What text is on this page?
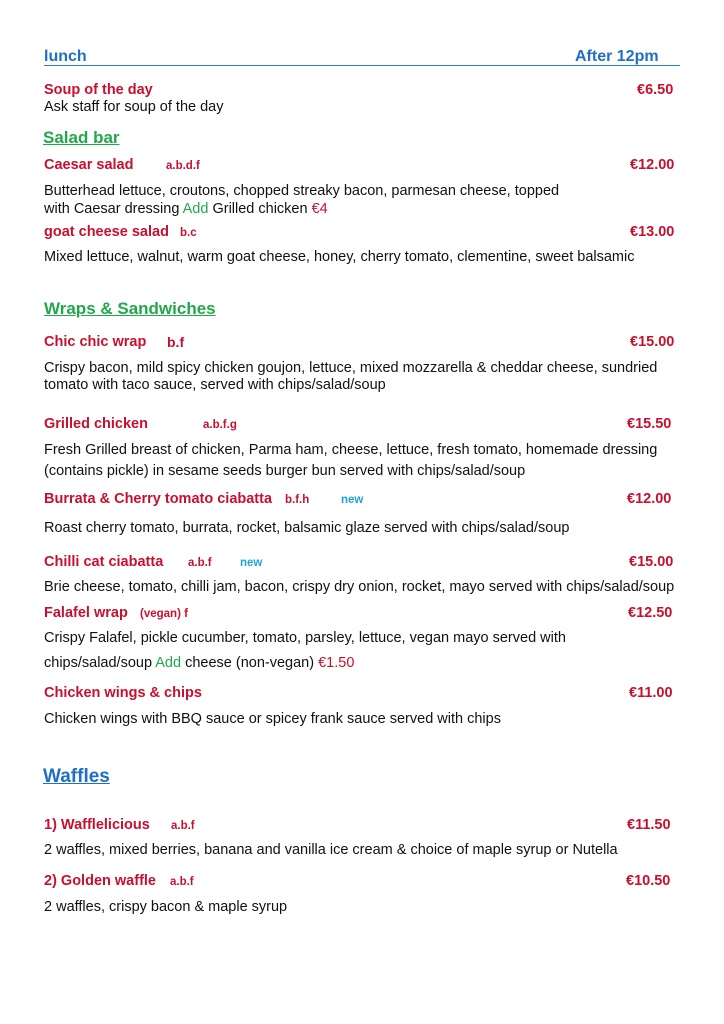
lunch	After 12pm
Soup of the day	€6.50
Ask staff for soup of the day
Salad bar
Caesar salad	a.b.d.f	€12.00
Butterhead lettuce, croutons, chopped streaky bacon, parmesan cheese, topped
with Caesar dressing Add Grilled chicken €4
goat cheese salad b.c	€13.00
Mixed lettuce, walnut, warm goat cheese, honey, cherry tomato, clementine, sweet balsamic
Wraps & Sandwiches
Chic chic wrap b.f	€15.00
Crispy bacon, mild spicy chicken goujon, lettuce, mixed mozzarella & cheddar cheese, sundried
tomato with taco sauce, served with chips/salad/soup
Grilled chicken	a.b.f.g	€15.50
Fresh Grilled breast of chicken, Parma ham, cheese, lettuce, fresh tomato, homemade dressing
(contains pickle) in sesame seeds burger bun served with chips/salad/soup
Burrata & Cherry tomato ciabatta b.f.h	new	€12.00
Roast cherry tomato, burrata, rocket, balsamic glaze served with chips/salad/soup
Chilli cat ciabatta a.b.f new	€15.00
Brie cheese, tomato, chilli jam, bacon, crispy dry onion, rocket, mayo served with chips/salad/soup
Falafel wrap (vegan) f	€12.50
Crispy Falafel, pickle cucumber, tomato, parsley, lettuce, vegan mayo served with
chips/salad/soup Add cheese (non-vegan) €1.50
Chicken wings & chips	€11.00
Chicken wings with BBQ sauce or spicey frank sauce served with chips
Waffles
1) Wafflelicious a.b.f	€11.50
2 waffles, mixed berries, banana and vanilla ice cream & choice of maple syrup or Nutella
2) Golden waffle a.b.f	€10.50
2 waffles, crispy bacon & maple syrup
